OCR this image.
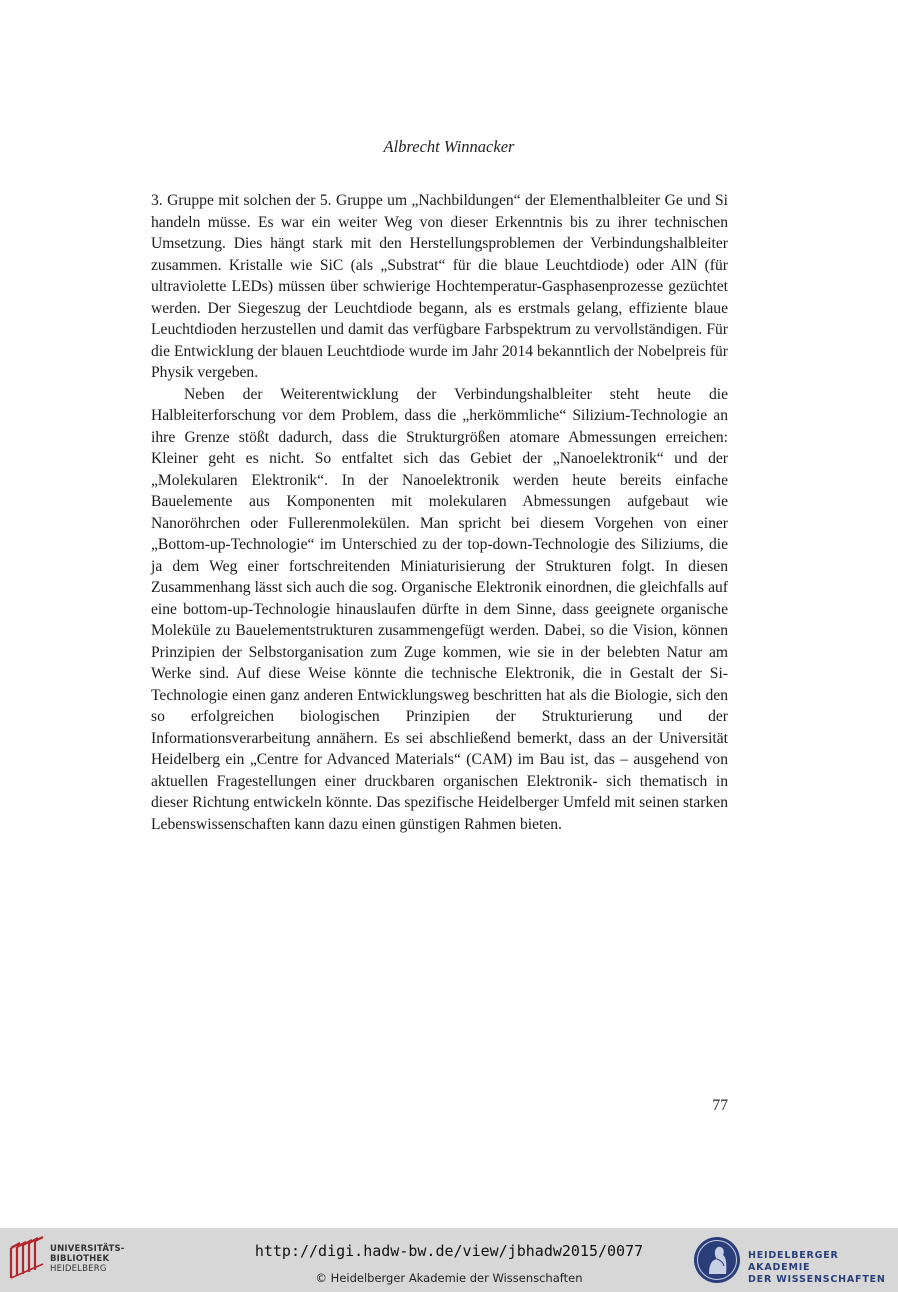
Albrecht Winnacker

3. Gruppe mit solchen der 5. Gruppe um „Nachbildungen“ der Elementhalbleiter Ge und Si handeln müsse. Es war ein weiter Weg von dieser Erkenntnis bis zu ihrer technischen Umsetzung. Dies hängt stark mit den Herstellungsproblemen der Verbindungshalbleiter zusammen. Kristalle wie SiC (als „Substrat“ für die blaue Leuchtdiode) oder AlN (für ultraviolette LEDs) müssen über schwierige Hochtemperatur-Gasphasenprozesse gezüchtet werden. Der Siegeszug der Leuchtdiode begann, als es erstmals gelang, effiziente blaue Leuchtdioden herzustellen und damit das verfügbare Farbspektrum zu vervollständigen. Für die Entwicklung der blauen Leuchtdiode wurde im Jahr 2014 bekanntlich der Nobelpreis für Physik vergeben.

Neben der Weiterentwicklung der Verbindungshalbleiter steht heute die Halbleiterforschung vor dem Problem, dass die „herkömmliche“ Silizium-Technologie an ihre Grenze stößt dadurch, dass die Strukturgrößen atomare Abmessungen erreichen: Kleiner geht es nicht. So entfaltet sich das Gebiet der „Nanoelektronik“ und der „Molekularen Elektronik“. In der Nanoelektronik werden heute bereits einfache Bauelemente aus Komponenten mit molekularen Abmessungen aufgebaut wie Nanoröhrchen oder Fullerenmolekülen. Man spricht bei diesem Vorgehen von einer „Bottom-up-Technologie“ im Unterschied zu der top-down-Technologie des Siliziums, die ja dem Weg einer fortschreitenden Miniaturisierung der Strukturen folgt. In diesen Zusammenhang lässt sich auch die sog. Organische Elektronik einordnen, die gleichfalls auf eine bottom-up-Technologie hinauslaufen dürfte in dem Sinne, dass geeignete organische Moleküle zu Bauelementstrukturen zusammengefügt werden. Dabei, so die Vision, können Prinzipien der Selbstorganisation zum Zuge kommen, wie sie in der belebten Natur am Werke sind. Auf diese Weise könnte die technische Elektronik, die in Gestalt der Si-Technologie einen ganz anderen Entwicklungsweg beschritten hat als die Biologie, sich den so erfolgreichen biologischen Prinzipien der Strukturierung und der Informationsverarbeitung annähern. Es sei abschließend bemerkt, dass an der Universität Heidelberg ein „Centre for Advanced Materials“ (CAM) im Bau ist, das – ausgehend von aktuellen Fragestellungen einer druckbaren organischen Elektronik- sich thematisch in dieser Richtung entwickeln könnte. Das spezifische Heidelberger Umfeld mit seinen starken Lebenswissenschaften kann dazu einen günstigen Rahmen bieten.

77
UNIVERSITÄTS-
BIBLIOTHEK
HEIDELBERG
http://digi.hadw-bw.de/view/jbhadw2015/0077
© Heidelberger Akademie der Wissenschaften
HEIDELBERGER AKADEMIE
DER WISSENSCHAFTEN
